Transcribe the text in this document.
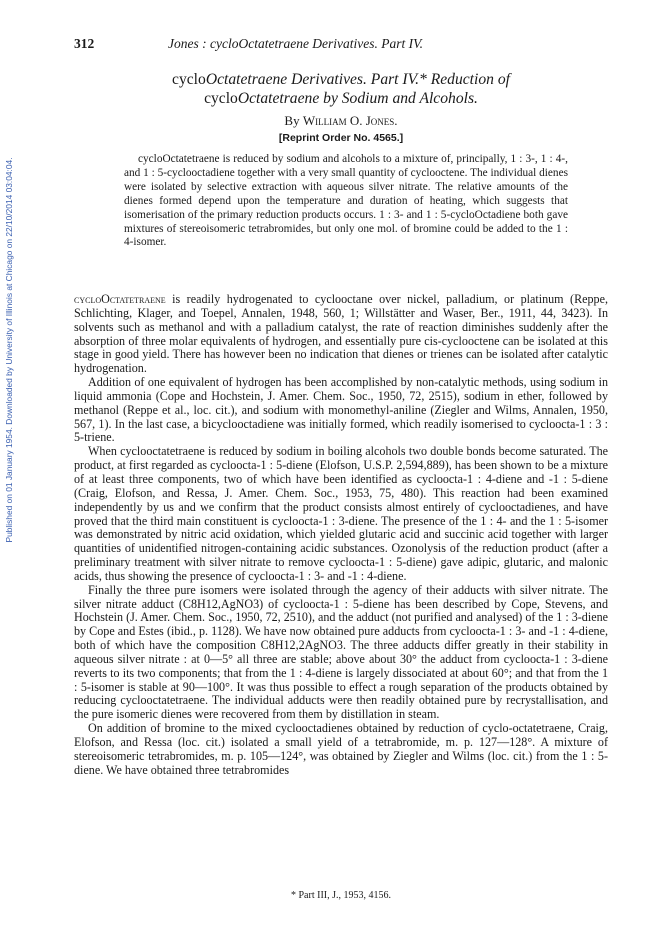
Published on 01 January 1954. Downloaded by University of Illinois at Chicago on 22/10/2014 03:04:04.
312	Jones : cycloOctatetraene Derivatives. Part IV.
cycloOctatetraene Derivatives. Part IV.* Reduction of
cycloOctatetraene by Sodium and Alcohols.
By William O. Jones.
[Reprint Order No. 4565.]

cycloOctatetraene is reduced by sodium and alcohols to a mixture of, principally, 1 : 3-, 1 : 4-, and 1 : 5-cyclooctadiene together with a very small quantity of cyclooctene. The individual dienes were isolated by selective extraction with aqueous silver nitrate. The relative amounts of the dienes formed depend upon the temperature and duration of heating, which suggests that isomerisation of the primary reduction products occurs. 1 : 3- and 1 : 5-cycloOctadiene both gave mixtures of stereoisomeric tetrabromides, but only one mol. of bromine could be added to the 1 : 4-isomer.

cycloOctatetraene is readily hydrogenated to cyclooctane over nickel, palladium, or platinum (Reppe, Schlichting, Klager, and Toepel, Annalen, 1948, 560, 1; Willstätter and Waser, Ber., 1911, 44, 3423). In solvents such as methanol and with a palladium catalyst, the rate of reaction diminishes suddenly after the absorption of three molar equivalents of hydrogen, and essentially pure cis-cyclooctene can be isolated at this stage in good yield. There has however been no indication that dienes or trienes can be isolated after catalytic hydrogenation.

Addition of one equivalent of hydrogen has been accomplished by non-catalytic methods, using sodium in liquid ammonia (Cope and Hochstein, J. Amer. Chem. Soc., 1950, 72, 2515), sodium in ether, followed by methanol (Reppe et al., loc. cit.), and sodium with monomethyl-aniline (Ziegler and Wilms, Annalen, 1950, 567, 1). In the last case, a bicyclooctadiene was initially formed, which readily isomerised to cycloocta-1 : 3 : 5-triene.

When cyclooctatetraene is reduced by sodium in boiling alcohols two double bonds become saturated. The product, at first regarded as cycloocta-1 : 5-diene (Elofson, U.S.P. 2,594,889), has been shown to be a mixture of at least three components, two of which have been identified as cycloocta-1 : 4-diene and -1 : 5-diene (Craig, Elofson, and Ressa, J. Amer. Chem. Soc., 1953, 75, 480). This reaction had been examined independently by us and we confirm that the product consists almost entirely of cyclooctadienes, and have proved that the third main constituent is cycloocta-1 : 3-diene. The presence of the 1 : 4- and the 1 : 5-isomer was demonstrated by nitric acid oxidation, which yielded glutaric acid and succinic acid together with larger quantities of unidentified nitrogen-containing acidic substances. Ozonolysis of the reduction product (after a preliminary treatment with silver nitrate to remove cycloocta-1 : 5-diene) gave adipic, glutaric, and malonic acids, thus showing the presence of cycloocta-1 : 3- and -1 : 4-diene.

Finally the three pure isomers were isolated through the agency of their adducts with silver nitrate. The silver nitrate adduct (C8H12,AgNO3) of cycloocta-1 : 5-diene has been described by Cope, Stevens, and Hochstein (J. Amer. Chem. Soc., 1950, 72, 2510), and the adduct (not purified and analysed) of the 1 : 3-diene by Cope and Estes (ibid., p. 1128). We have now obtained pure adducts from cycloocta-1 : 3- and -1 : 4-diene, both of which have the composition C8H12,2AgNO3. The three adducts differ greatly in their stability in aqueous silver nitrate : at 0—5° all three are stable; above about 30° the adduct from cycloocta-1 : 3-diene reverts to its two components; that from the 1 : 4-diene is largely dissociated at about 60°; and that from the 1 : 5-isomer is stable at 90—100°. It was thus possible to effect a rough separation of the products obtained by reducing cyclooctatetraene. The individual adducts were then readily obtained pure by recrystallisation, and the pure isomeric dienes were recovered from them by distillation in steam.

On addition of bromine to the mixed cyclooctadienes obtained by reduction of cyclo-octatetraene, Craig, Elofson, and Ressa (loc. cit.) isolated a small yield of a tetrabromide, m. p. 127—128°. A mixture of stereoisomeric tetrabromides, m. p. 105—124°, was obtained by Ziegler and Wilms (loc. cit.) from the 1 : 5-diene. We have obtained three tetrabromides

* Part III, J., 1953, 4156.
